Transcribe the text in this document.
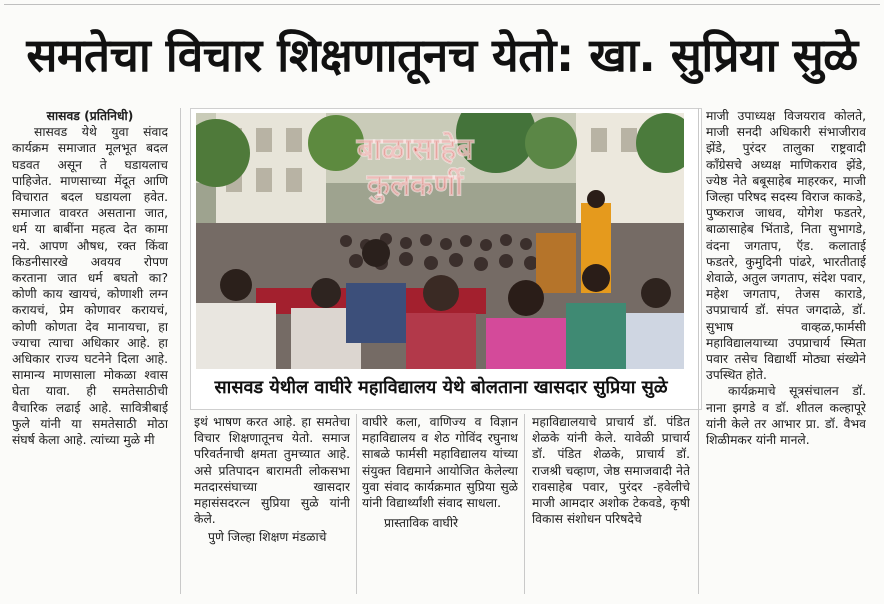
समतेचा विचार शिक्षणातूनच येतो: खा. सुप्रिया सुळे

सासवड (प्रतिनिधी)

सासवड येथे युवा संवाद कार्यक्रम समाजात मूलभूत बदल घडवत असून ते घडायलाच पाहिजेत. माणसाच्या मेंदूत आणि विचारात बदल घडायला हवेत. समाजात वावरत असताना जात, धर्म या बाबींना महत्व देत कामा नये. आपण औषध, रक्त किंवा किडनीसारखे अवयव रोपण करताना जात धर्म बघतो का? कोणी काय खायचं, कोणाशी लग्न करायचं, प्रेम कोणावर करायचं, कोणी कोणता देव मानायचा, हा ज्याचा त्याचा अधिकार आहे. हा अधिकार राज्य घटनेने दिला आहे. सामान्य माणसाला मोकळा श्वास घेता यावा. ही समतेसाठीची वैचारिक लढाई आहे. सावित्रीबाई फुले यांनी या समतेसाठी मोठा संघर्ष केला आहे. त्यांच्या मुळे मी

बाळासाहेब कुलकर्णी
सासवड येथील वाघीरे महाविद्यालय येथे बोलताना खासदार सुप्रिया सुळे

इथं भाषण करत आहे. हा समतेचा विचार शिक्षणातूनच येतो. समाज परिवर्तनाची क्षमता तुमच्यात आहे. असे प्रतिपादन बारामती लोकसभा मतदारसंघाच्या खासदार महासंसदरत्न सुप्रिया सुळे यांनी केले.

पुणे जिल्हा शिक्षण मंडळाचे

वाघीरे कला, वाणिज्य व विज्ञान महाविद्यालय व शेठ गोविंद रघुनाथ साबळे फार्मसी महाविद्यालय यांच्या संयुक्त विद्यमाने आयोजित केलेल्या युवा संवाद कार्यक्रमात सुप्रिया सुळे यांनी विद्यार्थ्यांशी संवाद साधला.

प्रास्ताविक वाघीरे

महाविद्यालयाचे प्राचार्य डॉ. पंडित शेळके यांनी केले. यावेळी प्राचार्य डॉ. पंडित शेळके, प्राचार्य डॉ. राजश्री चव्हाण, जेष्ठ समाजवादी नेते रावसाहेब पवार, पुरंदर -हवेलीचे माजी आमदार अशोक टेकवडे, कृषी विकास संशोधन परिषदेचे

माजी उपाध्यक्ष विजयराव कोलते, माजी सनदी अधिकारी संभाजीराव झेंडे, पुरंदर तालुका राष्ट्रवादी काँग्रेसचे अध्यक्ष माणिकराव झेंडे, ज्येष्ठ नेते बबूसाहेब माहरकर, माजी जिल्हा परिषद सदस्य विराज काकडे, पुष्कराज जाधव, योगेश फडतरे, बाळासाहेब भिंताडे, निता सुभागडे, वंदना जगताप, ऍड. कलाताई फडतरे, कुमुदिनी पांढरे, भारतीताई शेवाळे, अतुल जगताप, संदेश पवार, महेश जगताप, तेजस काराडे, उपप्राचार्य डॉ. संपत जगदाळे, डॉ. सुभाष वाव्हळ,फार्मसी महाविद्यालयाच्या उपप्राचार्य स्मिता पवार तसेच विद्यार्थी मोठ्या संख्येने उपस्थित होते.

कार्यक्रमाचे सूत्रसंचालन डॉ. नाना झगडे व डॉ. शीतल कल्हापूरे यांनी केले तर आभार प्रा. डॉ. वैभव शिळीमकर यांनी मानले.
